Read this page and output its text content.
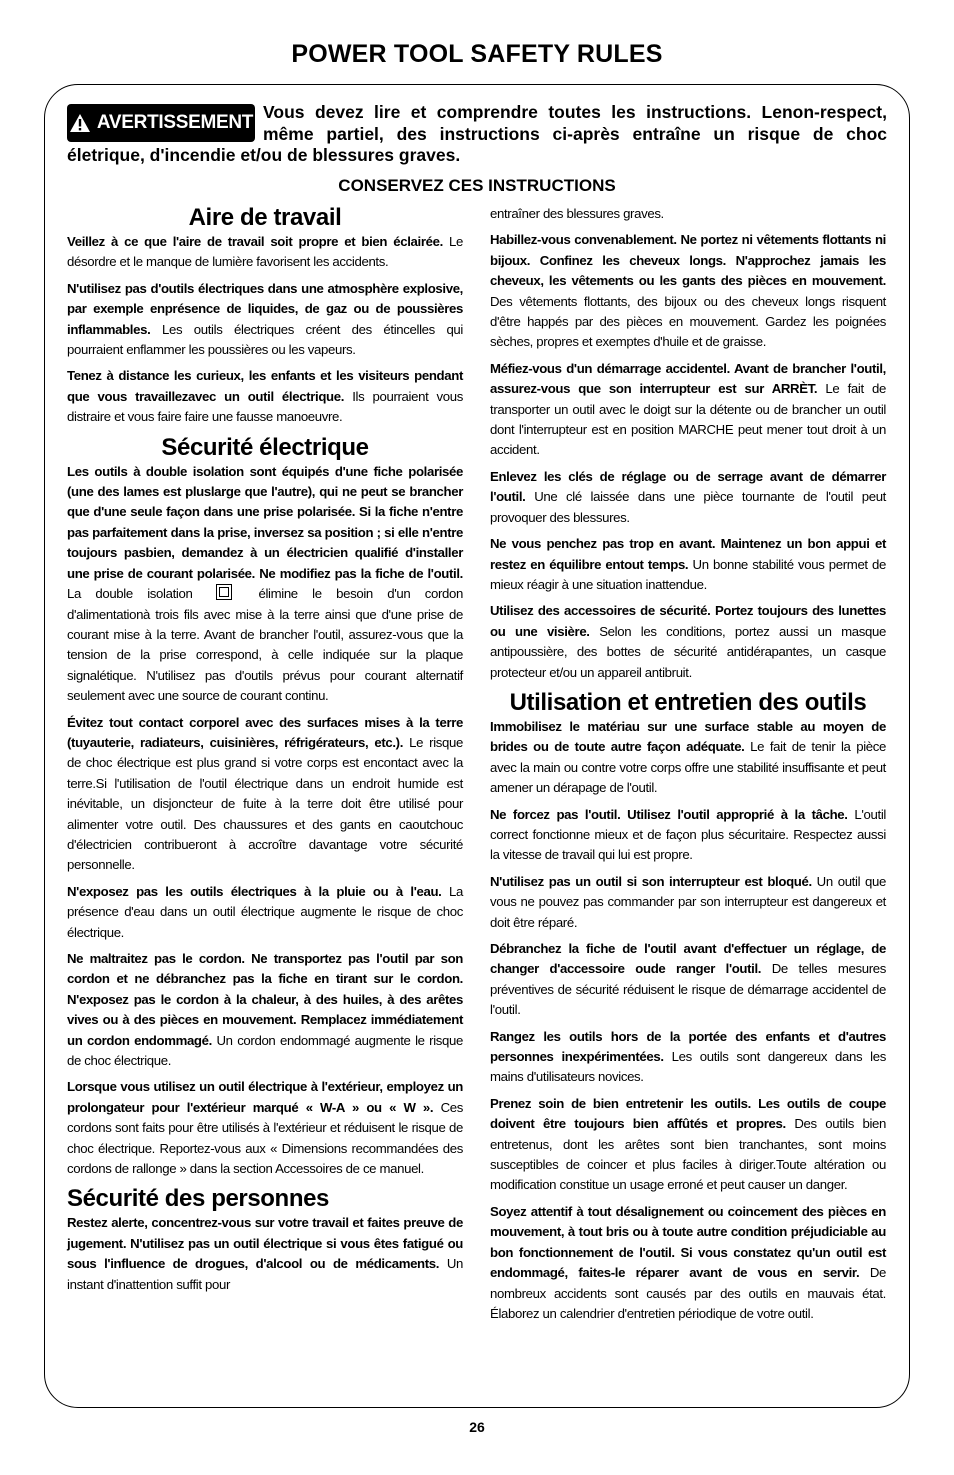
POWER TOOL SAFETY RULES
Vous devez lire et comprendre toutes les instructions. Lenon-respect, même partiel, des instructions ci-après entraîne un risque de choc életrique, d'incendie et/ou de blessures graves.
AVERTISSEMENT
CONSERVEZ CES INSTRUCTIONS
Aire de travail

Veillez à ce que l'aire de travail soit propre et bien éclairée. Le désordre et le manque de lumière favorisent les accidents.

N'utilisez pas d'outils électriques dans une atmosphère explosive, par exemple enprésence de liquides, de gaz ou de poussières inflammables. Les outils électriques créent des étincelles qui pourraient enflammer les poussières ou les vapeurs.

Tenez à distance les curieux, les enfants et les visiteurs pendant que vous travaillezavec un outil électrique. Ils pourraient vous distraire et vous faire faire une fausse manoeuvre.

Sécurité électrique

Les outils à double isolation sont équipés d'une fiche polarisée (une des lames est pluslarge que l'autre), qui ne peut se brancher que d'une seule façon dans une prise polarisée. Si la fiche n'entre pas parfaitement dans la prise, inversez sa position ; si elle n'entre toujours pasbien, demandez à un électricien qualifié d'installer une prise de courant polarisée. Ne modifiez pas la fiche de l'outil. La double isolation	élimine le besoin d'un cordon d'alimentationà trois fils avec mise à la terre ainsi que d'une prise de courant mise à la terre. Avant de brancher l'outil, assurez-vous que la tension de la prise correspond, à celle indiquée sur la plaque signalétique. N'utilisez pas d'outils prévus pour courant alternatif seulement avec une source de courant continu.

Évitez tout contact corporel avec des surfaces mises à la terre (tuyauterie, radiateurs, cuisinières, réfrigérateurs, etc.). Le risque de choc électrique est plus grand si votre corps est encontact avec la terre.Si l'utilisation de l'outil électrique dans un endroit humide est inévitable, un disjoncteur de fuite à la terre doit être utilisé pour alimenter votre outil. Des chaussures et des gants en caoutchouc d'électricien contribueront à accroître davantage votre sécurité personnelle.

N'exposez pas les outils électriques à la pluie ou à l'eau. La présence d'eau dans un outil électrique augmente le risque de choc électrique.

Ne maltraitez pas le cordon. Ne transportez pas l'outil par son cordon et ne débranchez pas la fiche en tirant sur le cordon. N'exposez pas le cordon à la chaleur, à des huiles, à des arêtes vives ou à des pièces en mouvement. Remplacez immédiatement un cordon endommagé. Un cordon endommagé augmente le risque de choc électrique.

Lorsque vous utilisez un outil électrique à l'extérieur, employez un prolongateur pour l'extérieur marqué « W-A » ou « W ». Ces cordons sont faits pour être utilisés à l'extérieur et réduisent le risque de choc électrique. Reportez-vous aux « Dimensions recommandées des cordons de rallonge » dans la section Accessoires de ce manuel.

Sécurité des personnes

Restez alerte, concentrez-vous sur votre travail et faites preuve de jugement. N'utilisez pas un outil électrique si vous êtes fatigué ou sous l'influence de drogues, d'alcool ou de médicaments. Un instant d'inattention suffit pour

entraîner des blessures graves.

Habillez-vous convenablement. Ne portez ni vêtements flottants ni bijoux. Confinez les cheveux longs. N'approchez jamais les cheveux, les vêtements ou les gants des pièces en mouvement. Des vêtements flottants, des bijoux ou des cheveux longs risquent d'être happés par des pièces en mouvement. Gardez les poignées sèches, propres et exemptes d'huile et de graisse.

Méfiez-vous d'un démarrage accidentel. Avant de brancher l'outil, assurez-vous que son interrupteur est sur ARRÈT. Le fait de transporter un outil avec le doigt sur la détente ou de brancher un outil dont l'interrupteur est en position MARCHE peut mener tout droit à un accident.

Enlevez les clés de réglage ou de serrage avant de démarrer l'outil. Une clé laissée dans une pièce tournante de l'outil peut provoquer des blessures.

Ne vous penchez pas trop en avant. Maintenez un bon appui et restez en équilibre entout temps. Un bonne stabilité vous permet de mieux réagir à une situation inattendue.

Utilisez des accessoires de sécurité. Portez toujours des lunettes ou une visière. Selon les conditions, portez aussi un masque antipoussière, des bottes de sécurité antidérapantes, un casque protecteur et/ou un appareil antibruit.

Utilisation et entretien des outils

Immobilisez le matériau sur une surface stable au moyen de brides ou de toute autre façon adéquate. Le fait de tenir la pièce avec la main ou contre votre corps offre une stabilité insuffisante et peut amener un dérapage de l'outil.

Ne forcez pas l'outil. Utilisez l'outil approprié à la tâche. L'outil correct fonctionne mieux et de façon plus sécuritaire. Respectez aussi la vitesse de travail qui lui est propre.

N'utilisez pas un outil si son interrupteur est bloqué. Un outil que vous ne pouvez pas commander par son interrupteur est dangereux et doit être réparé.

Débranchez la fiche de l'outil avant d'effectuer un réglage, de changer d'accessoire oude ranger l'outil. De telles mesures préventives de sécurité réduisent le risque de démarrage accidentel de l'outil.

Rangez les outils hors de la portée des enfants et d'autres personnes inexpérimentées. Les outils sont dangereux dans les mains d'utilisateurs novices.

Prenez soin de bien entretenir les outils. Les outils de coupe doivent être toujours bien affûtés et propres. Des outils bien entretenus, dont les arêtes sont bien tranchantes, sont moins susceptibles de coincer et plus faciles à diriger.Toute altération ou modification constitue un usage erroné et peut causer un danger.

Soyez attentif à tout désalignement ou coincement des pièces en mouvement, à tout bris ou à toute autre condition préjudiciable au bon fonctionnement de l'outil. Si vous constatez qu'un outil est endommagé, faites-le réparer avant de vous en servir. De nombreux accidents sont causés par des outils en mauvais état. Élaborez un calendrier d'entretien périodique de votre outil.

26
